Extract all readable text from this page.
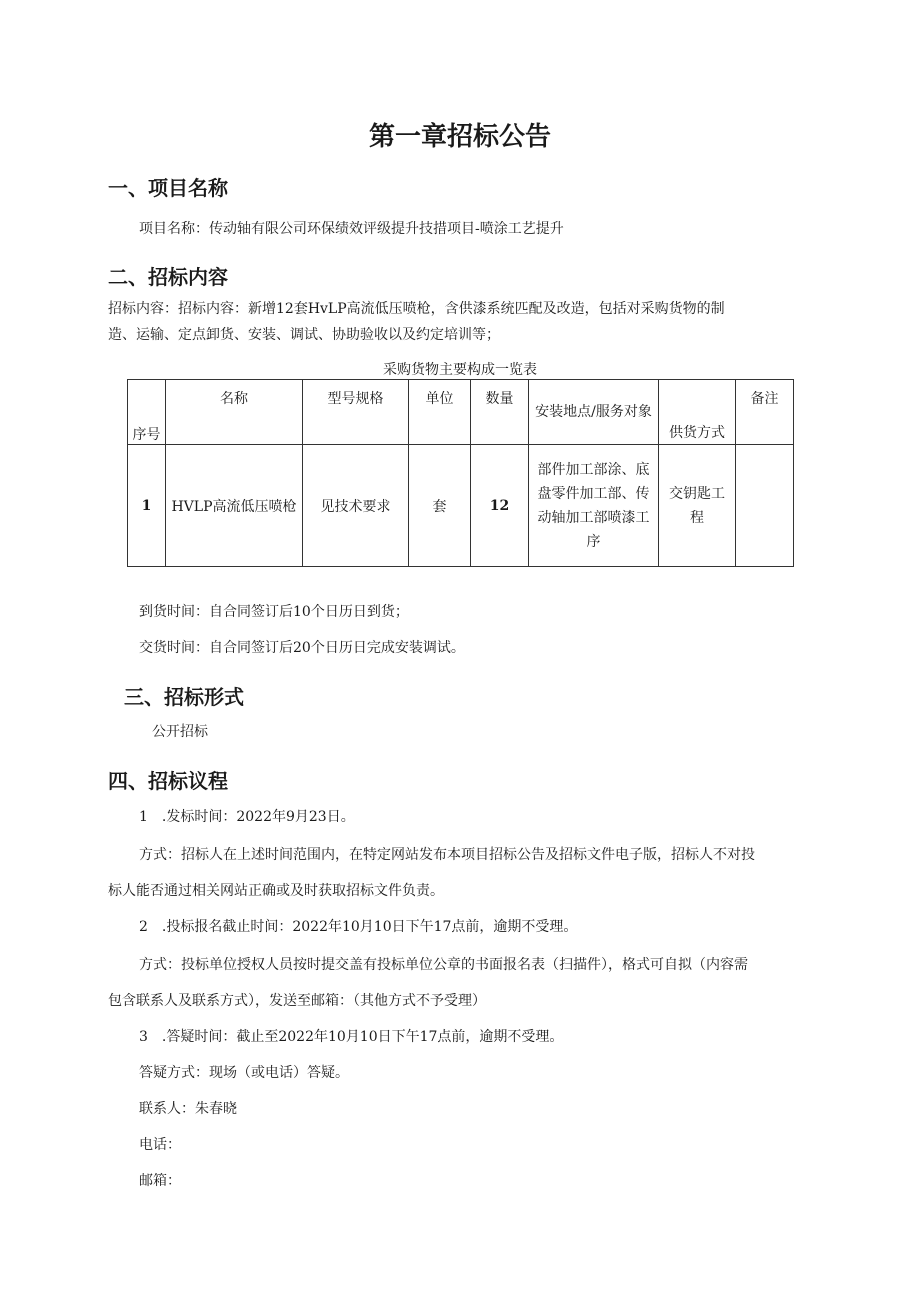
第一章招标公告
一、项目名称
项目名称：传动轴有限公司环保绩效评级提升技措项目-喷涂工艺提升
二、招标内容
招标内容：招标内容：新增12套HvLP高流低压喷枪，含供漆系统匹配及改造，包括对采购货物的制
造、运输、定点卸货、安装、调试、协助验收以及约定培训等；
采购货物主要构成一览表
序号	名称	型号规格	单位	数量	安装地点/服务对象	供货方式	备注
1	HVLP高流低压喷枪	见技术要求	套	12	部件加工部涂、底盘零件加工部、传动轴加工部喷漆工序	交钥匙工程	
到货时间：自合同签订后10个日历日到货；
交货时间：自合同签订后20个日历日完成安装调试。
三、招标形式
公开招标
四、招标议程
1　.发标时间：2022年9月23日。
方式：招标人在上述时间范围内，在特定网站发布本项目招标公告及招标文件电子版，招标人不对投
标人能否通过相关网站正确或及时获取招标文件负责。
2　.投标报名截止时间：2022年10月10日下午17点前，逾期不受理。
方式：投标单位授权人员按时提交盖有投标单位公章的书面报名表（扫描件），格式可自拟（内容需
包含联系人及联系方式），发送至邮箱：（其他方式不予受理）
3　.答疑时间：截止至2022年10月10日下午17点前，逾期不受理。
答疑方式：现场（或电话）答疑。
联系人：朱春晓
电话：
邮箱：
